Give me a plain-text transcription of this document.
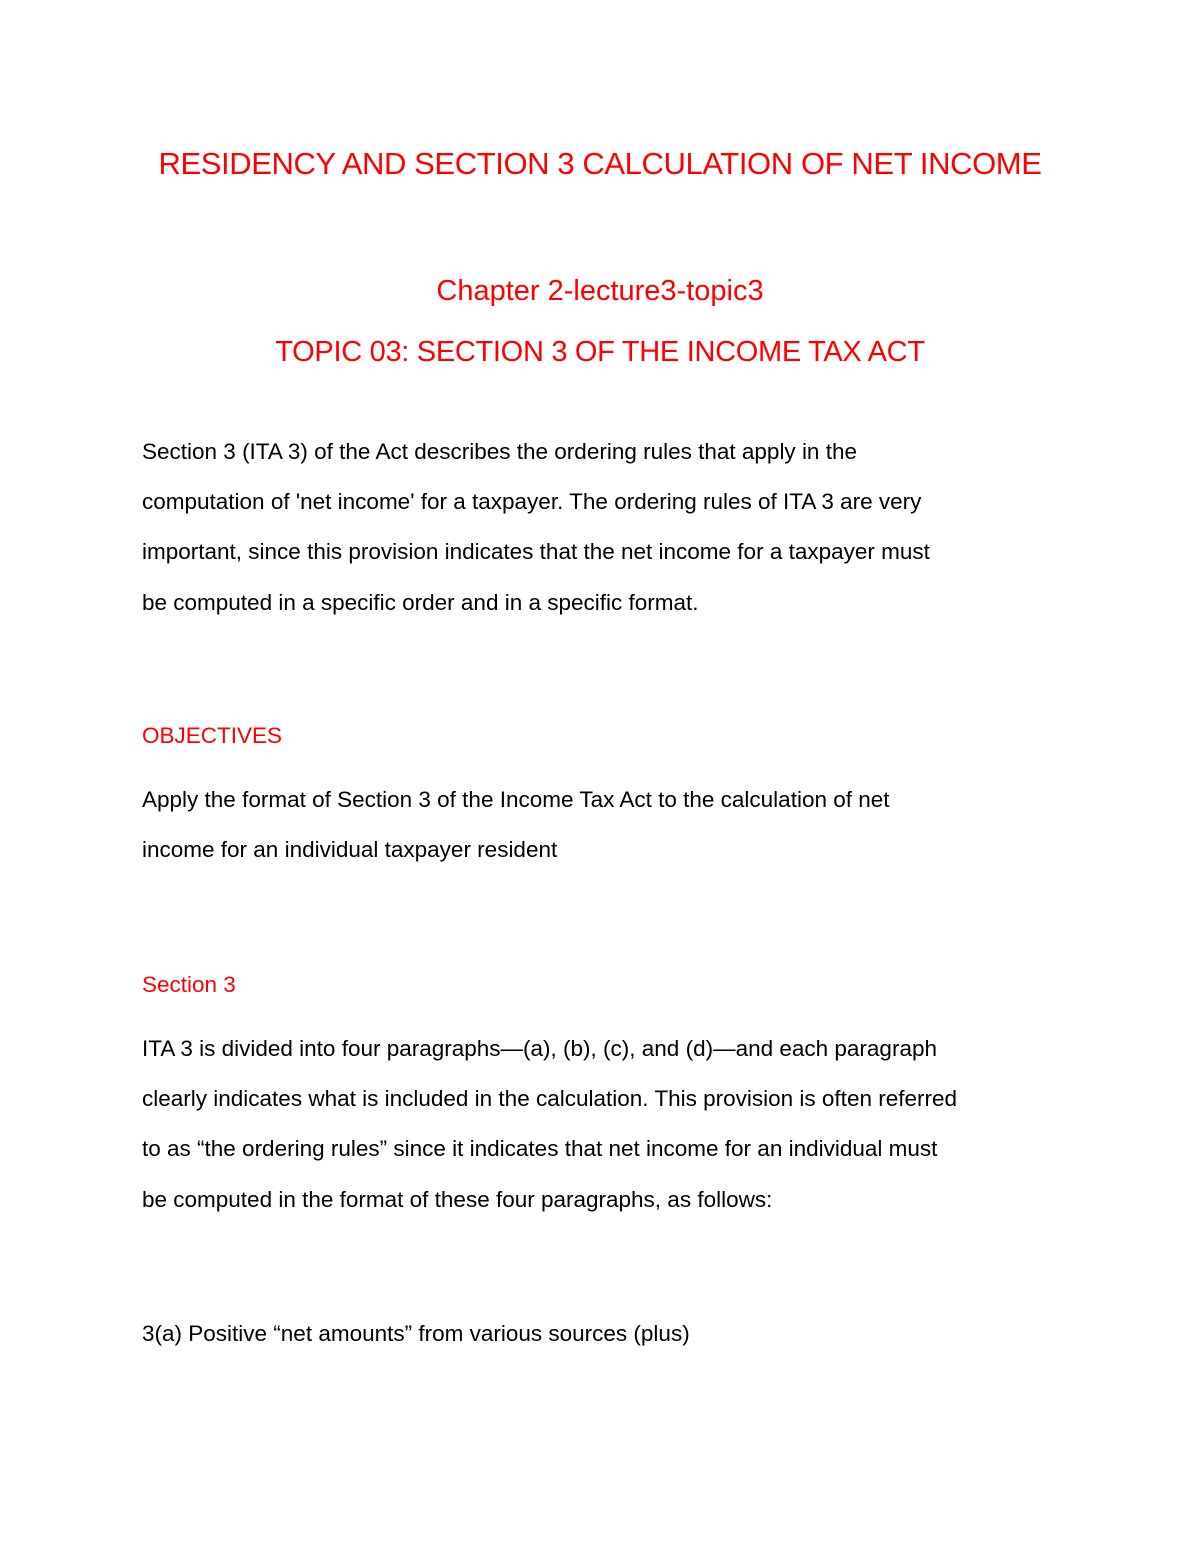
RESIDENCY AND SECTION 3 CALCULATION OF NET INCOME
Chapter 2-lecture3-topic3
TOPIC 03: SECTION 3 OF THE INCOME TAX ACT

Section 3 (ITA 3) of the Act describes the ordering rules that apply in the
computation of 'net income' for a taxpayer. The ordering rules of ITA 3 are very
important, since this provision indicates that the net income for a taxpayer must
be computed in a specific order and in a specific format.

OBJECTIVES

Apply the format of Section 3 of the Income Tax Act to the calculation of net
income for an individual taxpayer resident

Section 3

ITA 3 is divided into four paragraphs—(a), (b), (c), and (d)—and each paragraph
clearly indicates what is included in the calculation. This provision is often referred
to as “the ordering rules” since it indicates that net income for an individual must
be computed in the format of these four paragraphs, as follows:

3(a) Positive “net amounts” from various sources (plus)
